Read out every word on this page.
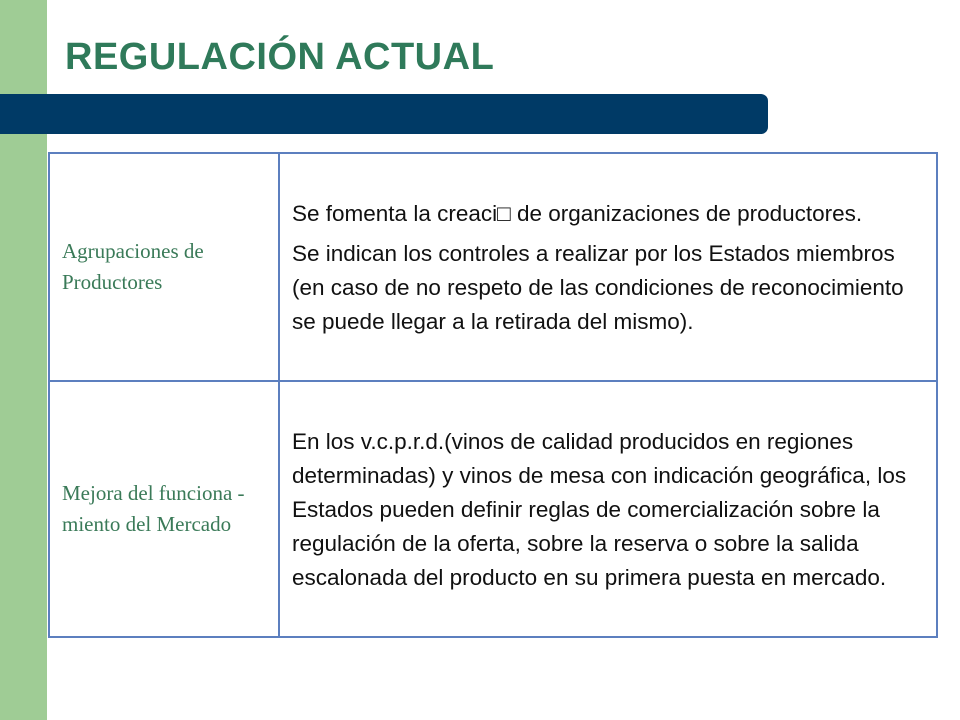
REGULACIÓN ACTUAL
Agrupaciones de Productores	Se fomenta la creaci□ de organizaciones de productores.

Se indican los controles a realizar por los Estados miembros (en caso de no respeto de las condiciones de reconocimiento se puede llegar a la retirada del mismo).

Mejora del funciona - miento del Mercado	En los v.c.p.r.d.(vinos de calidad producidos en regiones determinadas) y vinos de mesa con indicación geográfica, los Estados pueden definir reglas de comercialización sobre la regulación de la oferta, sobre la reserva o sobre la salida escalonada del producto en su primera puesta en mercado.
